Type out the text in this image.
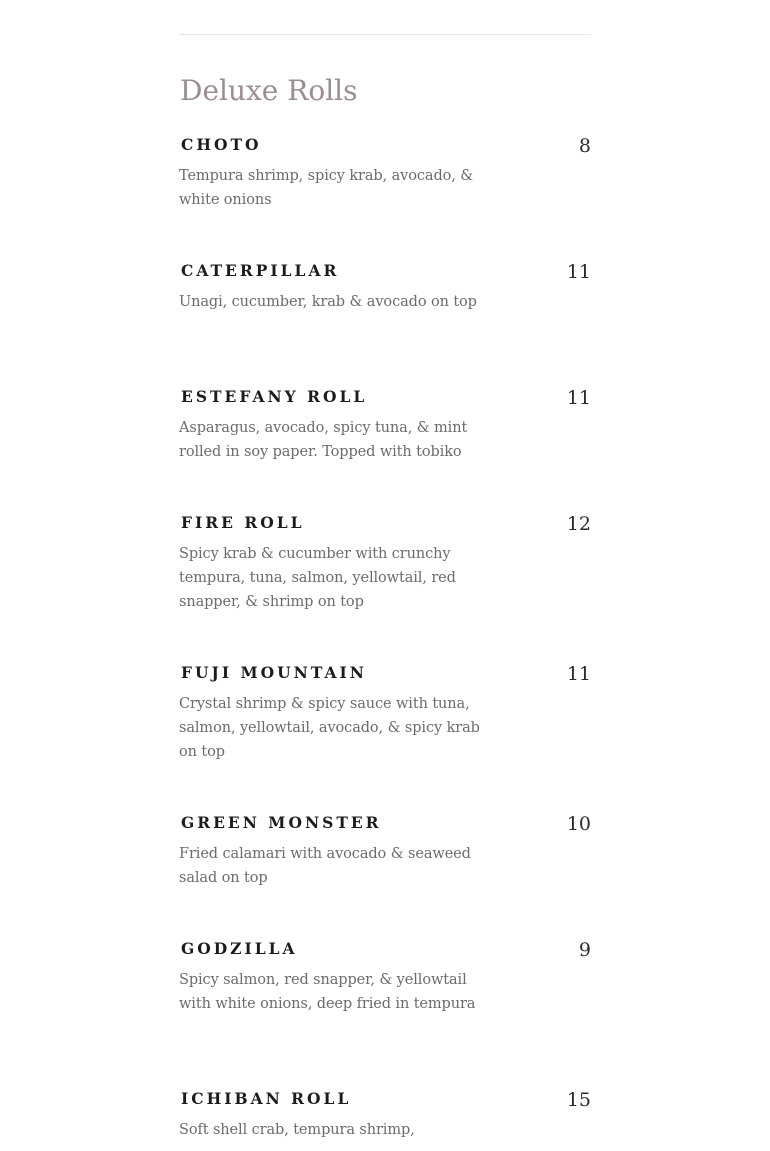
Deluxe Rolls
CHOTO	8

Tempura shrimp, spicy krab, avocado, & white onions

CATERPILLAR	11

Unagi, cucumber, krab & avocado on top

ESTEFANY ROLL	11

Asparagus, avocado, spicy tuna, & mint rolled in soy paper. Topped with tobiko

FIRE ROLL	12

Spicy krab & cucumber with crunchy tempura, tuna, salmon, yellowtail, red snapper, & shrimp on top

FUJI MOUNTAIN	11

Crystal shrimp & spicy sauce with tuna, salmon, yellowtail, avocado, & spicy krab on top

GREEN MONSTER	10

Fried calamari with avocado & seaweed salad on top

GODZILLA	9

Spicy salmon, red snapper, & yellowtail with white onions, deep fried in tempura

ICHIBAN ROLL	15

Soft shell crab, tempura shrimp,
